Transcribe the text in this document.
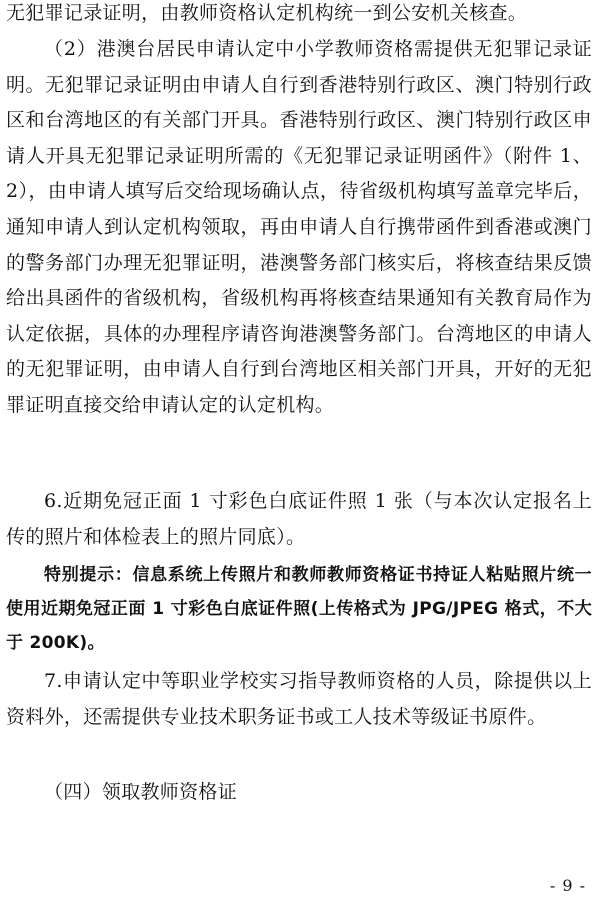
无犯罪记录证明，由教师资格认定机构统一到公安机关核查。

（2）港澳台居民申请认定中小学教师资格需提供无犯罪记录证明。无犯罪记录证明由申请人自行到香港特别行政区、澳门特别行政区和台湾地区的有关部门开具。香港特别行政区、澳门特别行政区申请人开具无犯罪记录证明所需的《无犯罪记录证明函件》（附件 1、2），由申请人填写后交给现场确认点，待省级机构填写盖章完毕后，通知申请人到认定机构领取，再由申请人自行携带函件到香港或澳门的警务部门办理无犯罪证明，港澳警务部门核实后，将核查结果反馈给出具函件的省级机构，省级机构再将核查结果通知有关教育局作为认定依据，具体的办理程序请咨询港澳警务部门。台湾地区的申请人的无犯罪证明，由申请人自行到台湾地区相关部门开具，开好的无犯罪证明直接交给申请认定的认定机构。

6.近期免冠正面 1 寸彩色白底证件照 1 张（与本次认定报名上传的照片和体检表上的照片同底）。

特别提示：信息系统上传照片和教师教师资格证书持证人粘贴照片统一使用近期免冠正面 1 寸彩色白底证件照(上传格式为 JPG/JPEG 格式，不大于 200K)。

7.申请认定中等职业学校实习指导教师资格的人员，除提供以上资料外，还需提供专业技术职务证书或工人技术等级证书原件。

（四）领取教师资格证

- 9 -
